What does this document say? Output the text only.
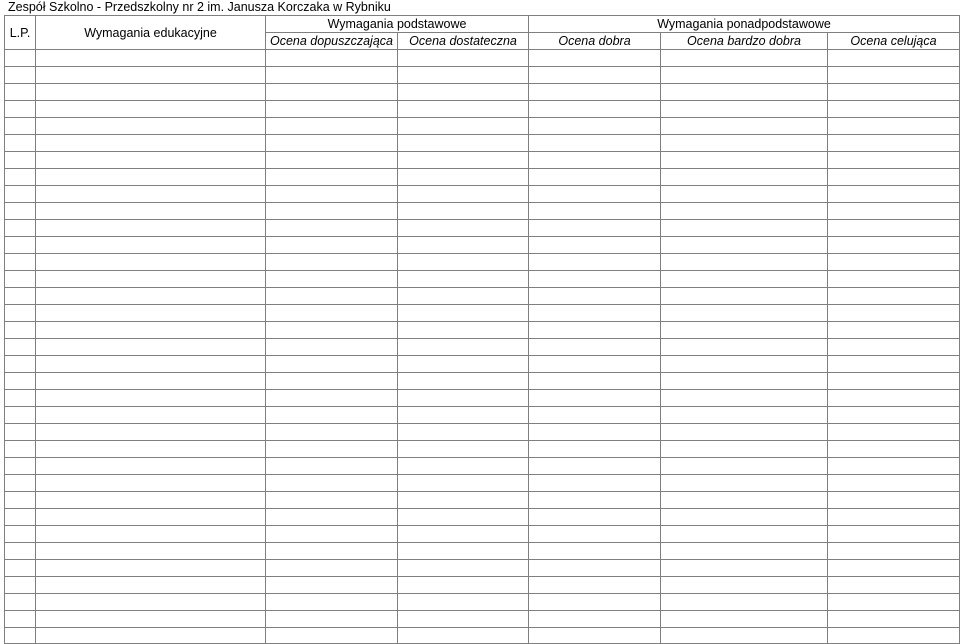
Zespół Szkolno - Przedszkolny nr 2 im. Janusza Korczaka w Rybniku
L.P.	Wymagania edukacyjne	Wymagania podstawowe		Wymagania ponadpodstawowe		
		Ocena dopuszczająca	Ocena dostateczna	Ocena dobra	Ocena bardzo dobra	Ocena celująca
